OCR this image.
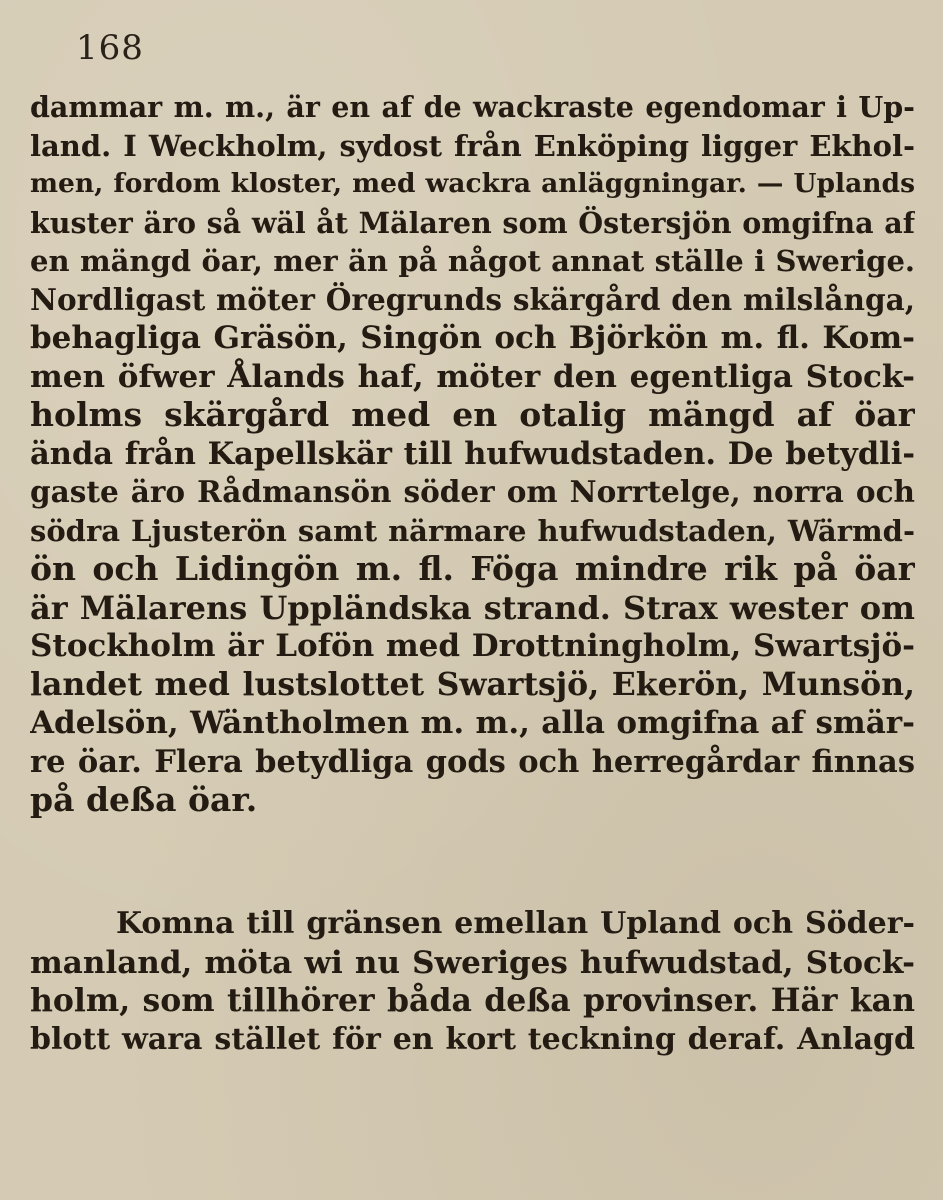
168
dammar m. m., är en af de wackraste egendomar i Up-
land. I Weckholm, sydost från Enköping ligger Ekhol-
men, fordom kloster, med wackra anläggningar. — Uplands
kuster äro så wäl åt Mälaren som Östersjön omgifna af
en mängd öar, mer än på något annat ställe i Swerige.
Nordligast möter Öregrunds skärgård den milslånga,
behagliga Gräsön, Singön och Björkön m. fl. Kom-
men öfwer Ålands haf, möter den egentliga Stock-
holms skärgård med en otalig mängd af öar
ända från Kapellskär till hufwudstaden. De betydli-
gaste äro Rådmansön söder om Norrtelge, norra och
södra Ljusterön samt närmare hufwudstaden, Wärmd-
ön och Lidingön m. fl. Föga mindre rik på öar
är Mälarens Uppländska strand. Strax wester om
Stockholm är Lofön med Drottningholm, Swartsjö-
landet med lustslottet Swartsjö, Ekerön, Munsön,
Adelsön, Wäntholmen m. m., alla omgifna af smär-
re öar. Flera betydliga gods och herregårdar finnas
på deßa öar.
Komna till gränsen emellan Upland och Söder-
manland, möta wi nu Sweriges hufwudstad, Stock-
holm, som tillhörer båda deßa provinser. Här kan
blott wara stället för en kort teckning deraf. Anlagd
